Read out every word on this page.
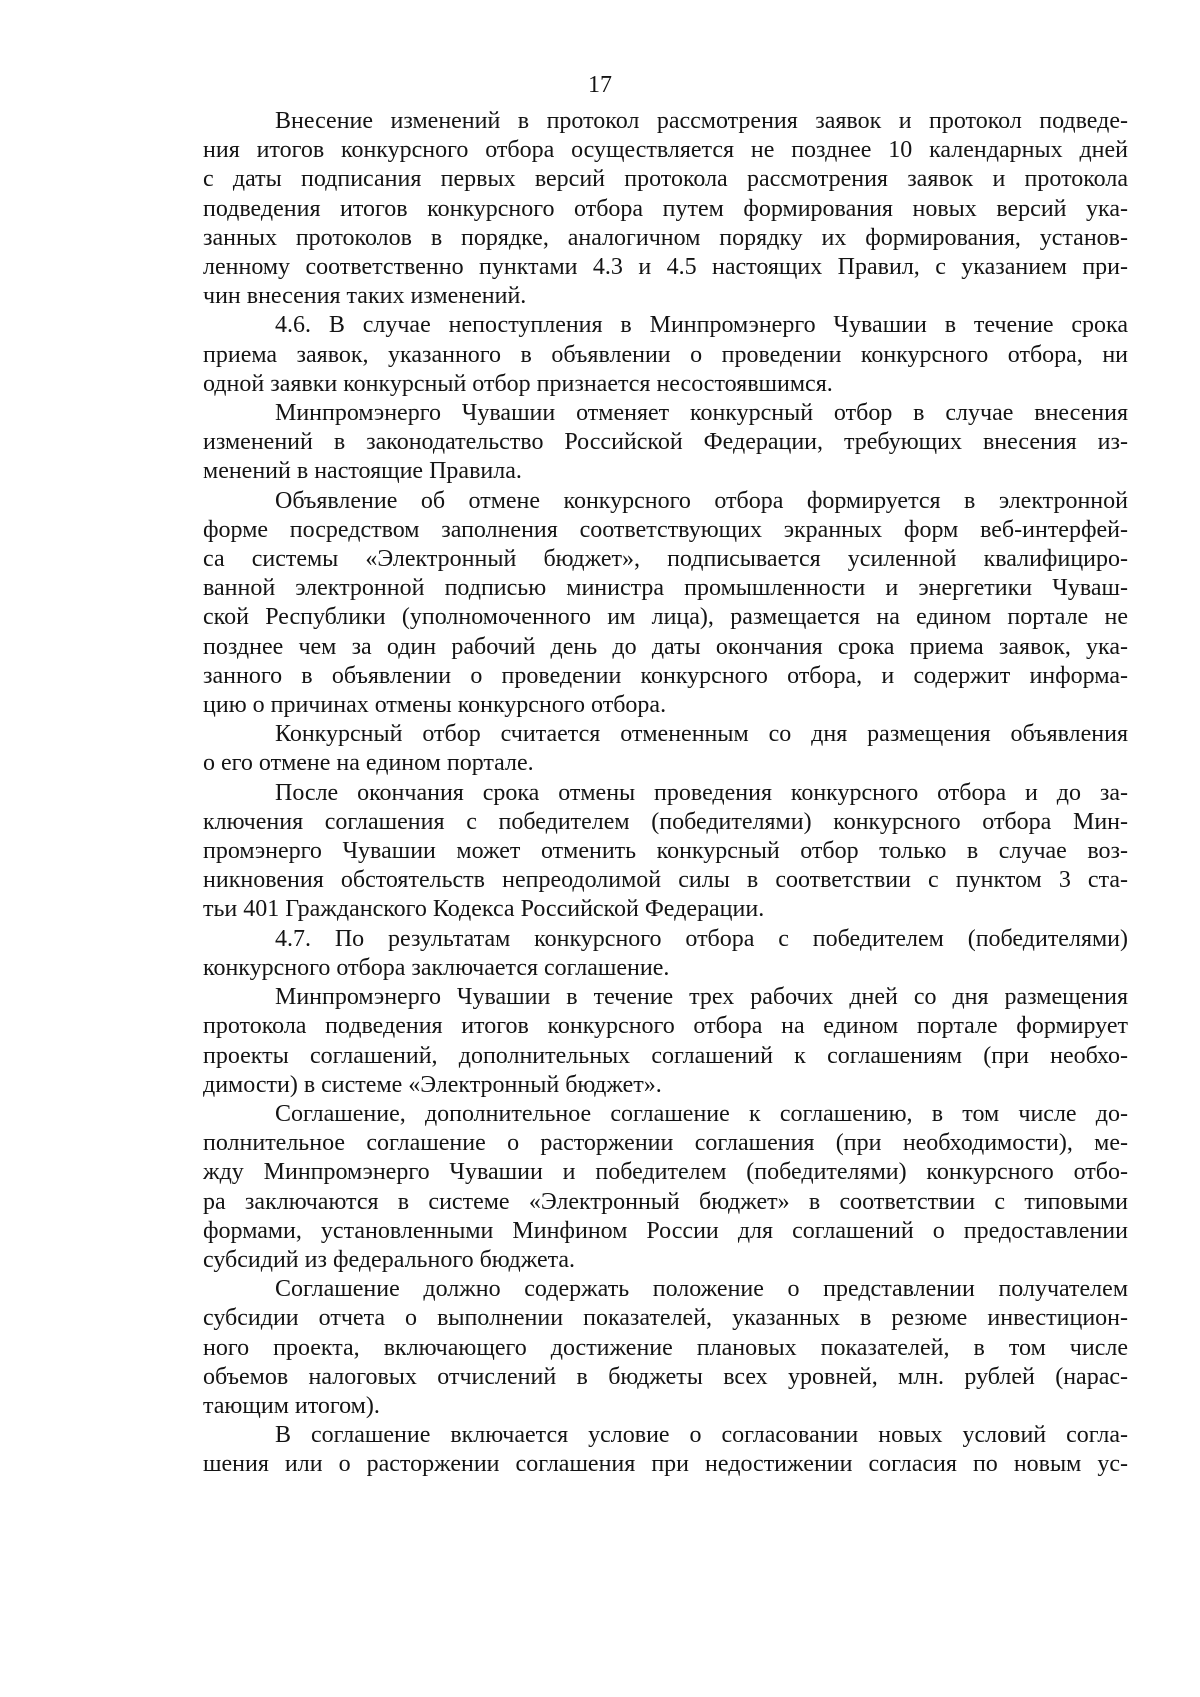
17
Внесение изменений в протокол рассмотрения заявок и протокол подведе-
ния итогов конкурсного отбора осуществляется не позднее 10 календарных дней
с даты подписания первых версий протокола рассмотрения заявок и протокола
подведения итогов конкурсного отбора путем формирования новых версий ука-
занных протоколов в порядке, аналогичном порядку их формирования, установ-
ленному соответственно пунктами 4.3 и 4.5 настоящих Правил, с указанием при-
чин внесения таких изменений.
4.6. В случае непоступления в Минпромэнерго Чувашии в течение срока
приема заявок, указанного в объявлении о проведении конкурсного отбора, ни
одной заявки конкурсный отбор признается несостоявшимся.
Минпромэнерго Чувашии отменяет конкурсный отбор в случае внесения
изменений в законодательство Российской Федерации, требующих внесения из-
менений в настоящие Правила.
Объявление об отмене конкурсного отбора формируется в электронной
форме посредством заполнения соответствующих экранных форм веб-интерфей-
са системы «Электронный бюджет», подписывается усиленной квалифициро-
ванной электронной подписью министра промышленности и энергетики Чуваш-
ской Республики (уполномоченного им лица), размещается на едином портале не
позднее чем за один рабочий день до даты окончания срока приема заявок, ука-
занного в объявлении о проведении конкурсного отбора, и содержит информа-
цию о причинах отмены конкурсного отбора.
Конкурсный отбор считается отмененным со дня размещения объявления
о его отмене на едином портале.
После окончания срока отмены проведения конкурсного отбора и до за-
ключения соглашения с победителем (победителями) конкурсного отбора Мин-
промэнерго Чувашии может отменить конкурсный отбор только в случае воз-
никновения обстоятельств непреодолимой силы в соответствии с пунктом 3 ста-
тьи 401 Гражданского Кодекса Российской Федерации.
4.7. По результатам конкурсного отбора с победителем (победителями)
конкурсного отбора заключается соглашение.
Минпромэнерго Чувашии в течение трех рабочих дней со дня размещения
протокола подведения итогов конкурсного отбора на едином портале формирует
проекты соглашений, дополнительных соглашений к соглашениям (при необхо-
димости) в системе «Электронный бюджет».
Соглашение, дополнительное соглашение к соглашению, в том числе до-
полнительное соглашение о расторжении соглашения (при необходимости), ме-
жду Минпромэнерго Чувашии и победителем (победителями) конкурсного отбо-
ра заключаются в системе «Электронный бюджет» в соответствии с типовыми
формами, установленными Минфином России для соглашений о предоставлении
субсидий из федерального бюджета.
Соглашение должно содержать положение о представлении получателем
субсидии отчета о выполнении показателей, указанных в резюме инвестицион-
ного проекта, включающего достижение плановых показателей, в том числе
объемов налоговых отчислений в бюджеты всех уровней, млн. рублей (нарас-
тающим итогом).
В соглашение включается условие о согласовании новых условий согла-
шения или о расторжении соглашения при недостижении согласия по новым ус-
